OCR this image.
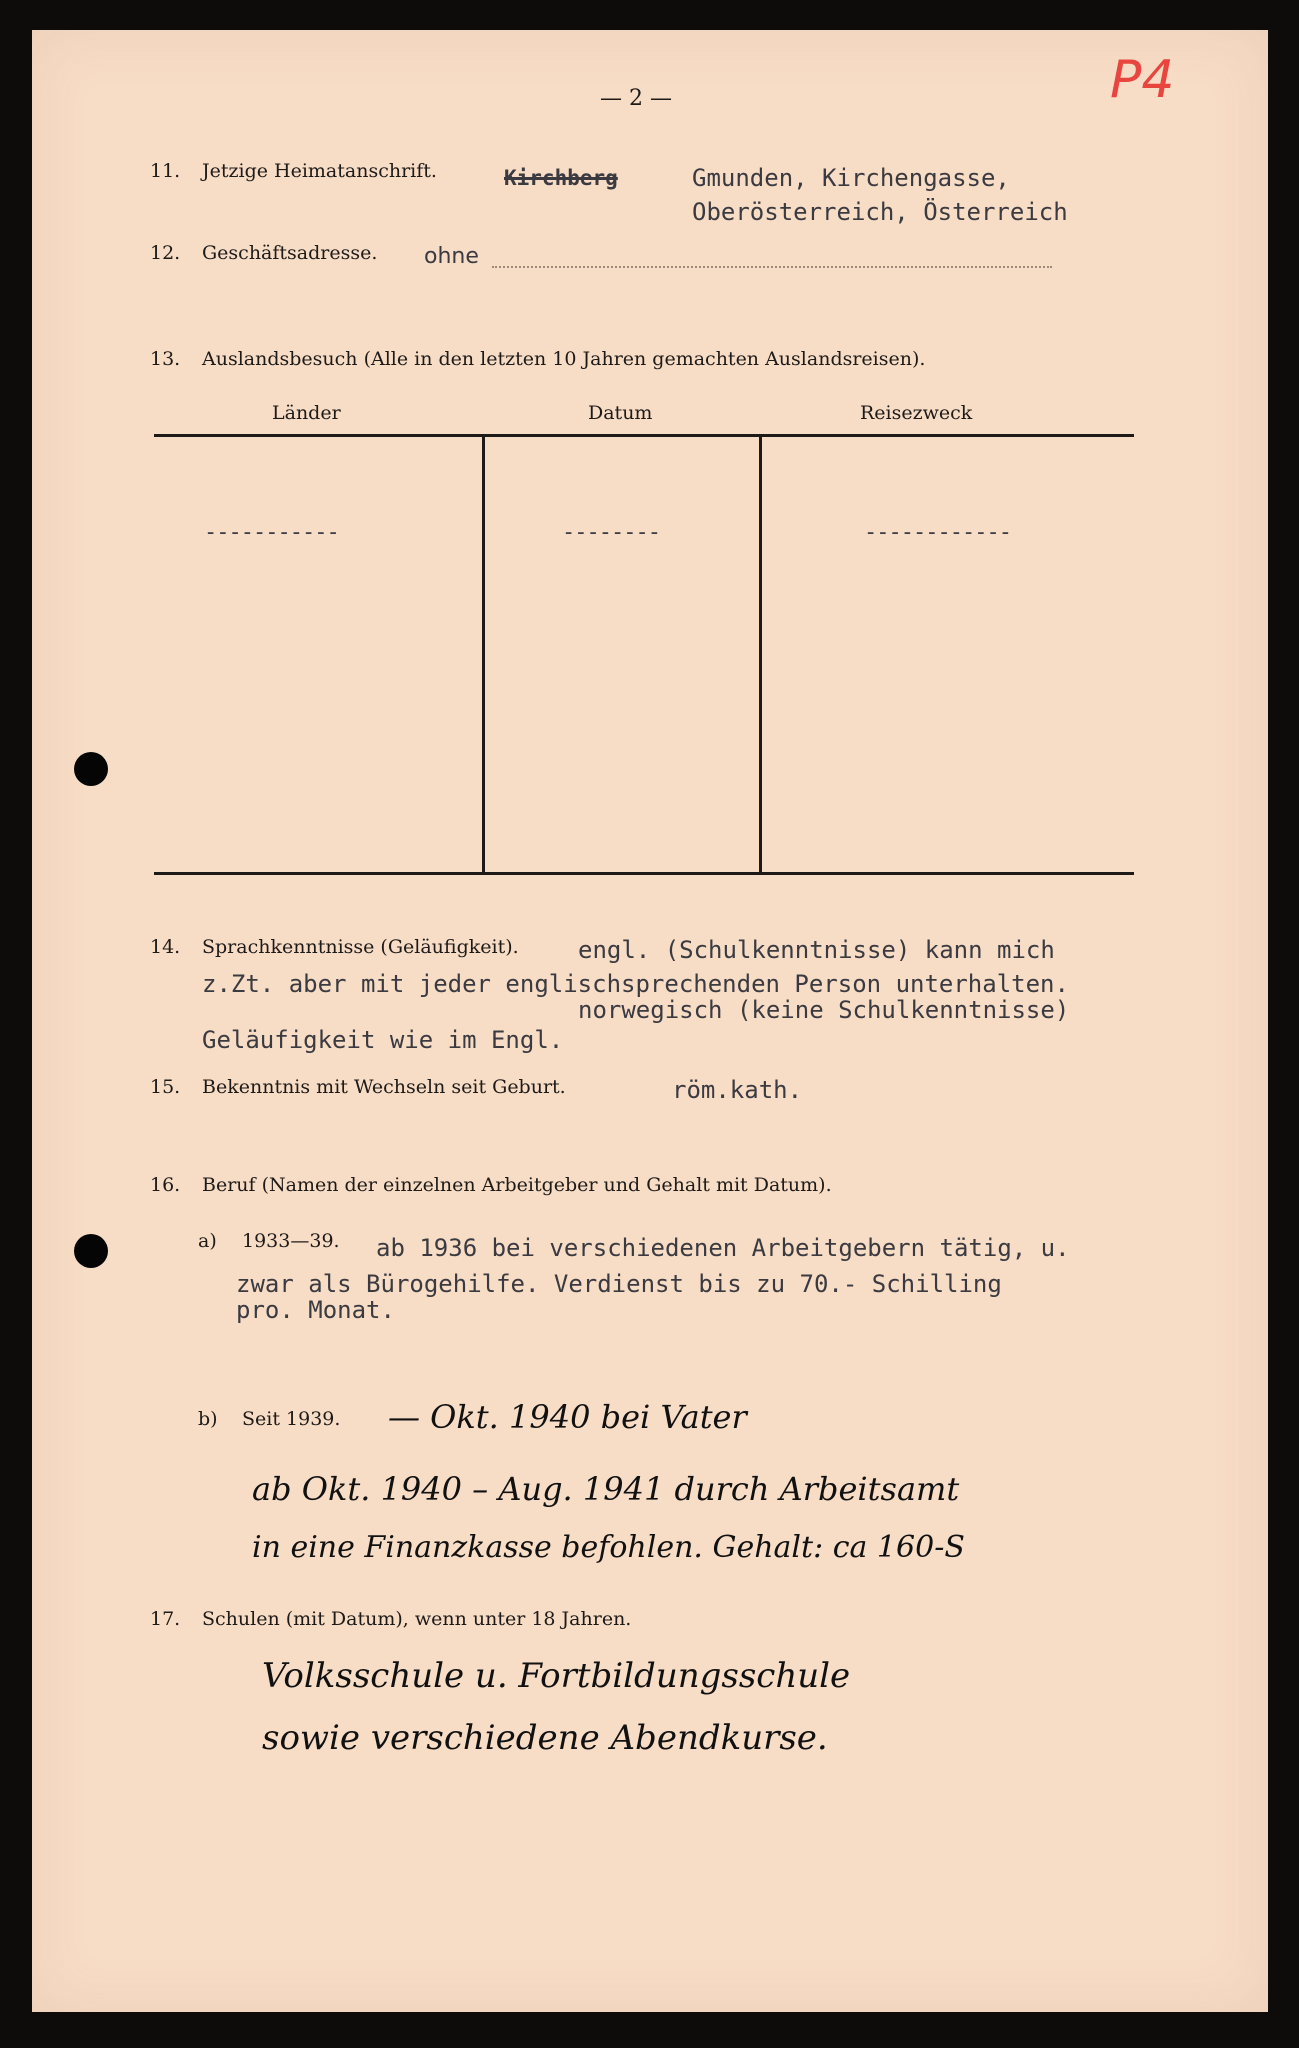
— 2 —	P4
11. Jetzige Heimatanschrift.	Kirchberg	Gmunden, Kirchengasse,
Oberösterreich, Österreich
12. Geschäftsadresse. ohne
13. Auslandsbesuch (Alle in den letzten 10 Jahren gemachten Auslandsreisen).
Länder	Datum	Reisezweck
-----------	--------	------------
14. Sprachkenntnisse (Geläufigkeit). engl. (Schulkenntnisse) kann mich
z.Zt. aber mit jeder englischsprechenden Person unterhalten.
norwegisch (keine Schulkenntnisse)
Geläufigkeit wie im Engl.
15. Bekenntnis mit Wechseln seit Geburt.	röm.kath.
16. Beruf (Namen der einzelnen Arbeitgeber und Gehalt mit Datum).
a) 1933—39. ab 1936 bei verschiedenen Arbeitgebern tätig, u.
zwar als Bürogehilfe. Verdienst bis zu 70.- Schilling
pro. Monat.
b) Seit 1939. — Okt. 1940 bei Vater
ab Okt. 1940 – Aug. 1941 durch Arbeitsamt
in eine Finanzkasse befohlen. Gehalt: ca 160-S
17. Schulen (mit Datum), wenn unter 18 Jahren.
Volksschule u. Fortbildungsschule
sowie verschiedene Abendkurse.
